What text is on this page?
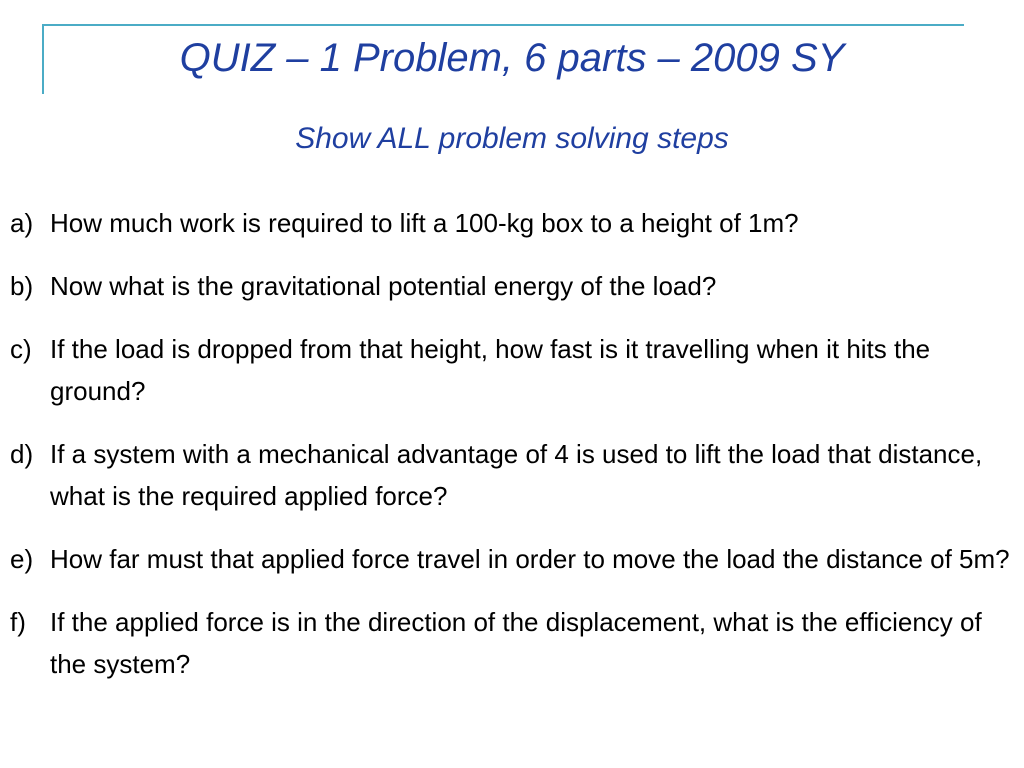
QUIZ – 1 Problem, 6 parts – 2009 SY
Show ALL problem solving steps
a) How much work is required to lift a 100-kg box to a height of 1m?
b) Now what is the gravitational potential energy of the load?
c) If the load is dropped from that height, how fast is it travelling when it hits the ground?
d) If a system with a mechanical advantage of 4 is used to lift the load that distance, what is the required applied force?
e) How far must that applied force travel in order to move the load the distance of 5m?
f) If the applied force is in the direction of the displacement, what is the efficiency of the system?
